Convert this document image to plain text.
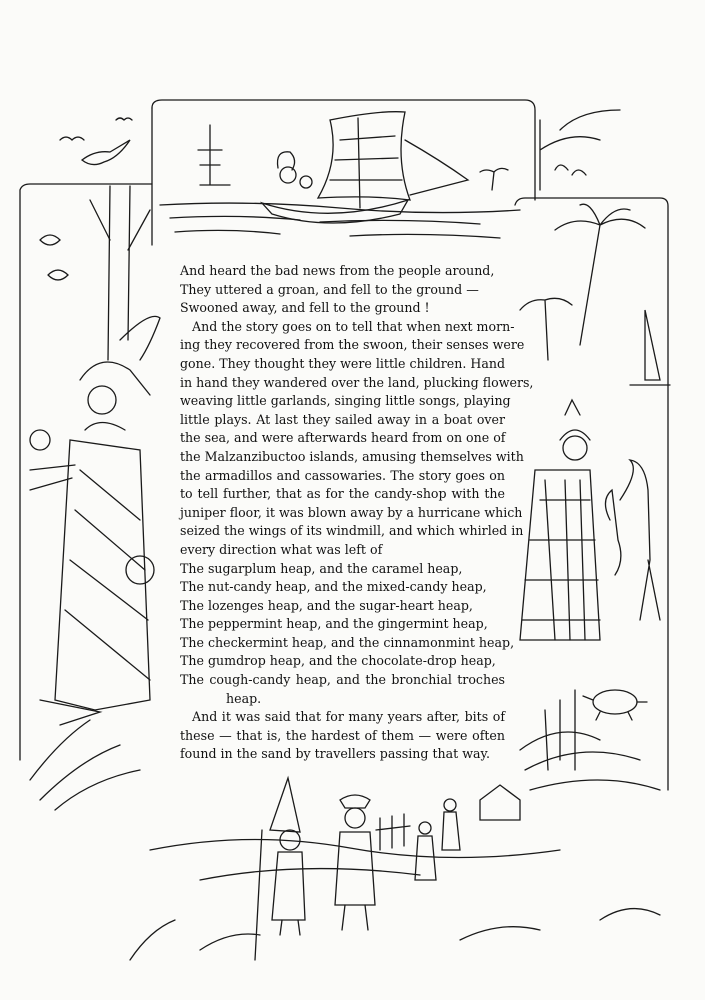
And heard the bad news from the people around,
They uttered a groan, and fell to the ground —
Swooned away, and fell to the ground !
And the story goes on to tell that when next morn-
ing they recovered from the swoon, their senses were
gone. They thought they were little children. Hand
in hand they wandered over the land, plucking flowers,
weaving little garlands, singing little songs, playing
little plays. At last they sailed away in a boat over
the sea, and were afterwards heard from on one of
the Malzanzibuctoo islands, amusing themselves with
the armadillos and cassowaries. The story goes on
to tell further, that as for the candy-shop with the
juniper floor, it was blown away by a hurricane which
seized the wings of its windmill, and which whirled in
every direction what was left of
The sugarplum heap, and the caramel heap,
The nut-candy heap, and the mixed-candy heap,
The lozenges heap, and the sugar-heart heap,
The peppermint heap, and the gingermint heap,
The checkermint heap, and the cinnamonmint heap,
The gumdrop heap, and the chocolate-drop heap,
The cough-candy heap, and the bronchial troches
heap.
And it was said that for many years after, bits of
these — that is, the hardest of them — were often
found in the sand by travellers passing that way.
